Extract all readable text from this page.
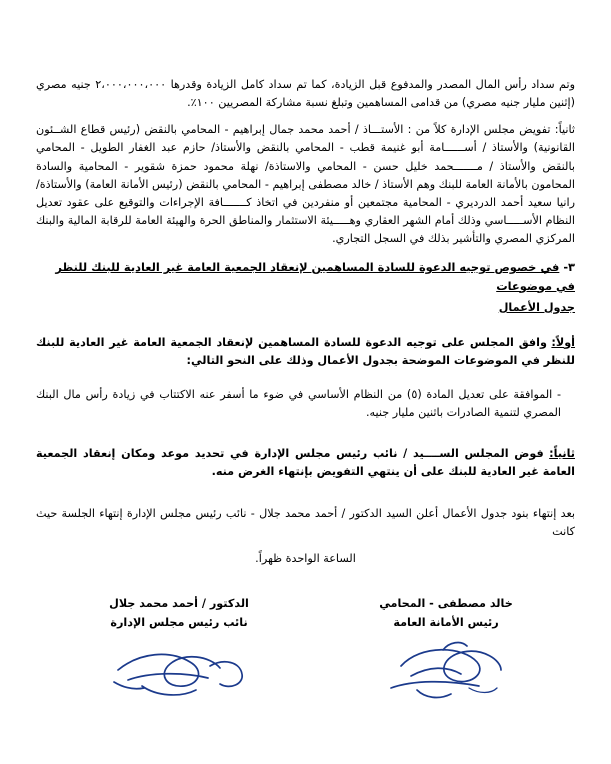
وتم سداد رأس المال المصدر والمدفوع قبل الزيادة، كما تم سداد كامل الزيادة وقدرها ٢،٠٠٠،٠٠٠،٠٠٠ جنيه مصري (إثنين مليار جنيه مصري) من قدامى المساهمين وتبلغ نسبة مشاركة المصريين ١٠٠٪.

ثانياً: تفويض مجلس الإدارة كلاً من : الأستـــاذ / أحمد محمد جمال إبراهيم - المحامي بالنقض (رئيس قطاع الشــئون القانونية) والأستاذ / أســــــامة أبو غنيمة قطب - المحامي بالنقض والأستاذ/ حازم عبد الغفار الطويل - المحامي بالنقض والأستاذ / مـــــــحمد خليل حسن - المحامي والاستاذة/ نهلة محمود حمزة شقوير - المحامية والسادة المحامون بالأمانة العامة للبنك وهم الأستاذ / خالد مصطفى إبراهيم - المحامي بالنقض (رئيس الأمانة العامة) والأستاذة/ رانيا سعيد أحمد الدرديري - المحامية مجتمعين أو منفردين في اتخاذ كـــــــافة الإجراءات والتوقيع على عقود تعديل النظام الأســـــاسي وذلك أمام الشهر العقاري وهـــــيئة الاستثمار والمناطق الحرة والهيئة العامة للرقابة المالية والبنك المركزي المصري والتأشير بذلك في السجل التجاري.

٣- في خصوص توجيه الدعوة للسادة المساهمين لإنعقاد الجمعية العامة غير العادية للبنك للنظر في موضوعات
جدول الأعمال

أولاً: وافق المجلس على توجيه الدعوة للسادة المساهمين لإنعقاد الجمعية العامة غير العادية للبنك للنظر في الموضوعات الموضحة بجدول الأعمال وذلك على النحو التالي:

- الموافقة على تعديل المادة (٥) من النظام الأساسي في ضوء ما أسفر عنه الاكتتاب في زيادة رأس مال البنك المصري لتنمية الصادرات باثنين مليار جنيه.

ثانياً: فوض المجلس الســــيد / نائب رئيس مجلس الإدارة في تحديد موعد ومكان إنعقاد الجمعية العامة غير العادية للبنك على أن ينتهي التفويض بإنتهاء الغرض منه.

بعد إنتهاء بنود جدول الأعمال أعلن السيد الدكتور / أحمد محمد جلال - نائب رئيس مجلس الإدارة إنتهاء الجلسة حيث كانت

الساعة الواحدة ظهراً.

خالد مصطفى - المحامي
رئيس الأمانة العامة
الدكتور / أحمد محمد جلال
نائب رئيس مجلس الإدارة
